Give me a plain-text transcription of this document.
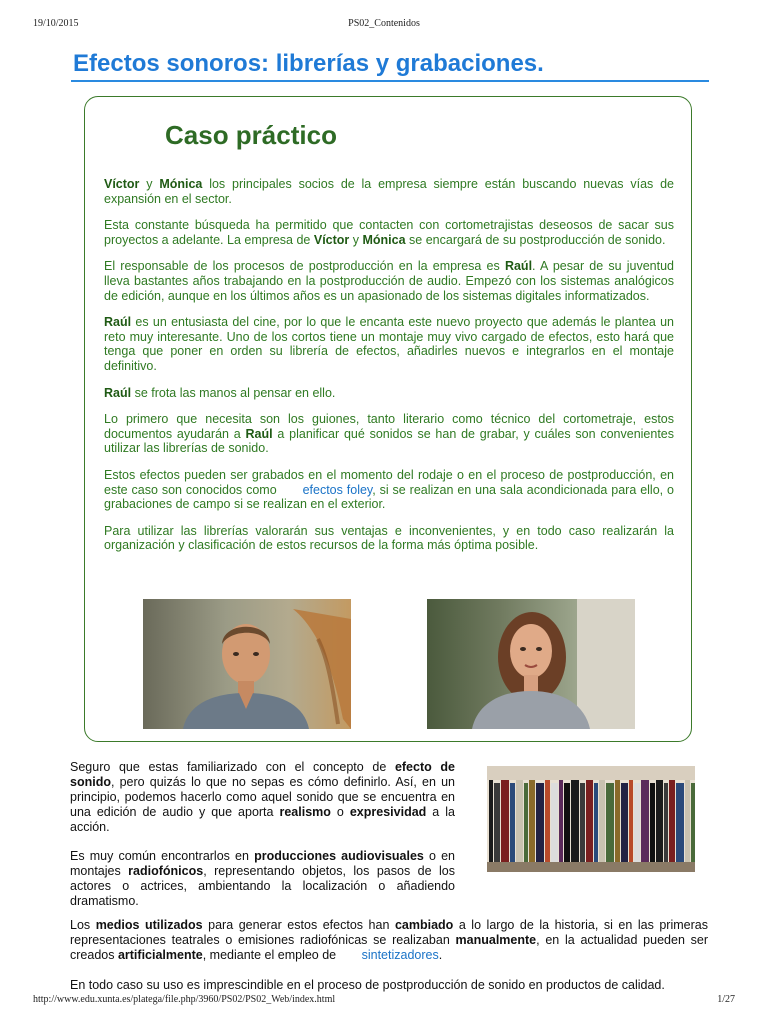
19/10/2015	PS02_Contenidos
Efectos sonoros: librerías y grabaciones.
Caso práctico

Víctor y Mónica los principales socios de la empresa siempre están buscando nuevas vías de expansión en el sector.

Esta constante búsqueda ha permitido que contacten con cortometrajistas deseosos de sacar sus proyectos a adelante. La empresa de Víctor y Mónica se encargará de su postproducción de sonido.

El responsable de los procesos de postproducción en la empresa es Raúl. A pesar de su juventud lleva bastantes años trabajando en la postproducción de audio. Empezó con los sistemas analógicos de edición, aunque en los últimos años es un apasionado de los sistemas digitales informatizados.

Raúl es un entusiasta del cine, por lo que le encanta este nuevo proyecto que además le plantea un reto muy interesante. Uno de los cortos tiene un montaje muy vivo cargado de efectos, esto hará que tenga que poner en orden su librería de efectos, añadirles nuevos e integrarlos en el montaje definitivo.

Raúl se frota las manos al pensar en ello.

Lo primero que necesita son los guiones, tanto literario como técnico del cortometraje, estos documentos ayudarán a Raúl a planificar qué sonidos se han de grabar, y cuáles son convenientes utilizar las librerías de sonido.

Estos efectos pueden ser grabados en el momento del rodaje o en el proceso de postproducción, en este caso son conocidos como efectos foley, si se realizan en una sala acondicionada para ello, o grabaciones de campo si se realizan en el exterior.

Para utilizar las librerías valorarán sus ventajas e inconvenientes, y en todo caso realizarán la organización y clasificación de estos recursos de la forma más óptima posible.

Seguro que estas familiarizado con el concepto de efecto de sonido, pero quizás lo que no sepas es cómo definirlo. Así, en un principio, podemos hacerlo como aquel sonido que se encuentra en una edición de audio y que aporta realismo o expresividad a la acción.

Es muy común encontrarlos en producciones audiovisuales o en montajes radiofónicos, representando objetos, los pasos de los actores o actrices, ambientando la localización o añadiendo dramatismo.

Los medios utilizados para generar estos efectos han cambiado a lo largo de la historia, si en las primeras representaciones teatrales o emisiones radiofónicas se realizaban manualmente, en la actualidad pueden ser creados artificialmente, mediante el empleo de sintetizadores.

En todo caso su uso es imprescindible en el proceso de postproducción de sonido en productos de calidad.

http://www.edu.xunta.es/platega/file.php/3960/PS02/PS02_Web/index.html	1/27
